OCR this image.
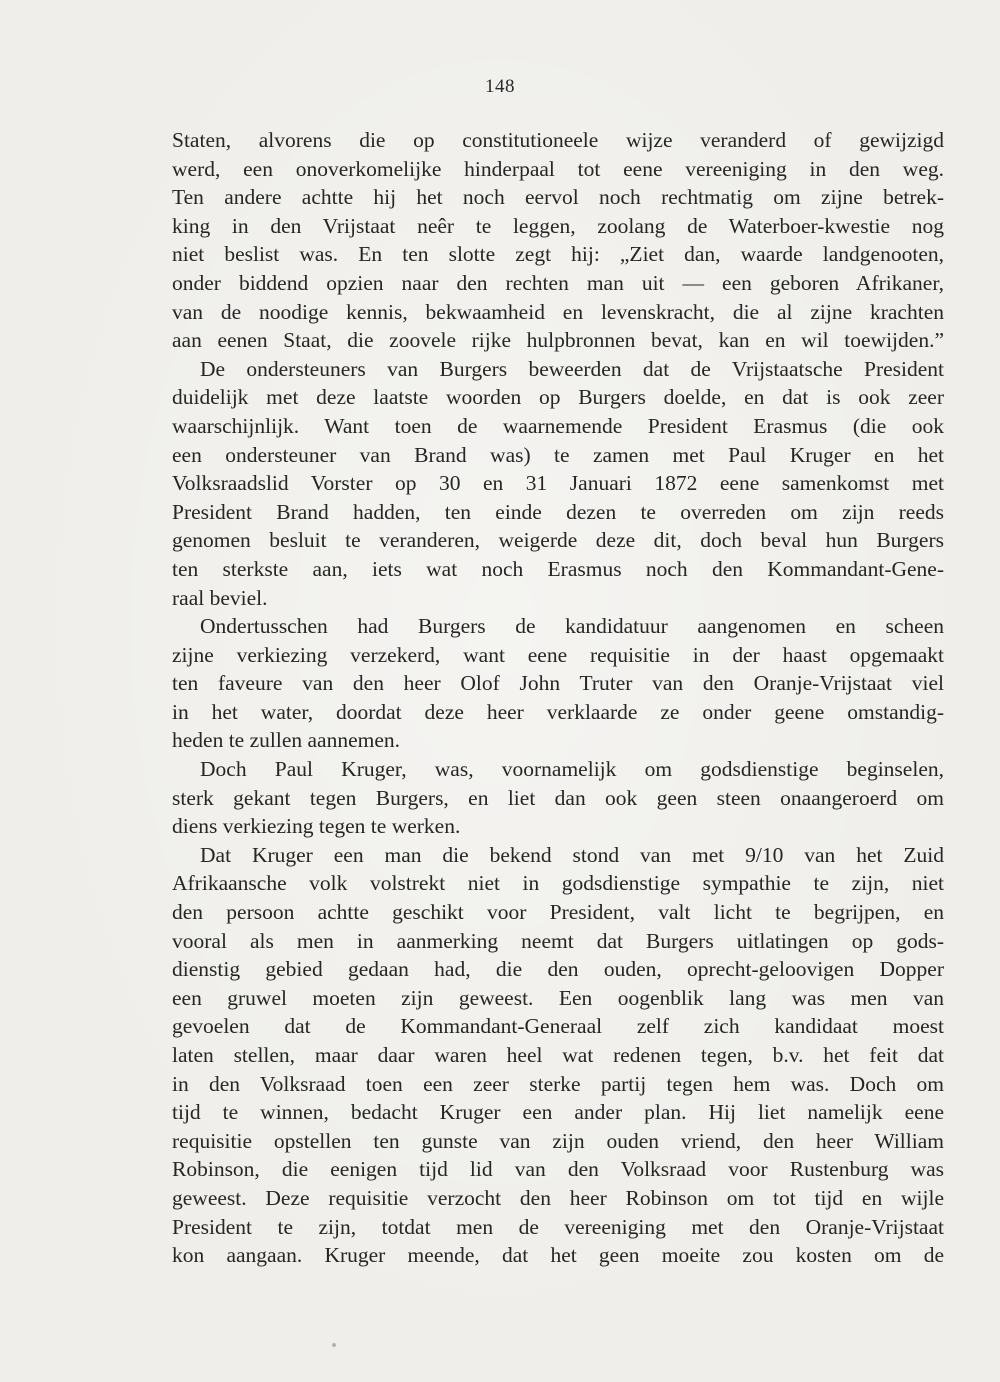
148
Staten, alvorens die op constitutioneele wijze veranderd of gewijzigd
werd, een onoverkomelijke hinderpaal tot eene vereeniging in den weg.
Ten andere achtte hij het noch eervol noch rechtmatig om zijne betrek-
king in den Vrijstaat neêr te leggen, zoolang de Waterboer-kwestie nog
niet beslist was. En ten slotte zegt hij: „Ziet dan, waarde landgenooten,
onder biddend opzien naar den rechten man uit — een geboren Afrikaner,
van de noodige kennis, bekwaamheid en levenskracht, die al zijne krachten
aan eenen Staat, die zoovele rijke hulpbronnen bevat, kan en wil toewijden.”
De ondersteuners van Burgers beweerden dat de Vrijstaatsche President
duidelijk met deze laatste woorden op Burgers doelde, en dat is ook zeer
waarschijnlijk. Want toen de waarnemende President Erasmus (die ook
een ondersteuner van Brand was) te zamen met Paul Kruger en het
Volksraadslid Vorster op 30 en 31 Januari 1872 eene samenkomst met
President Brand hadden, ten einde dezen te overreden om zijn reeds
genomen besluit te veranderen, weigerde deze dit, doch beval hun Burgers
ten sterkste aan, iets wat noch Erasmus noch den Kommandant-Gene-
raal beviel.
Ondertusschen had Burgers de kandidatuur aangenomen en scheen
zijne verkiezing verzekerd, want eene requisitie in der haast opgemaakt
ten faveure van den heer Olof John Truter van den Oranje-Vrijstaat viel
in het water, doordat deze heer verklaarde ze onder geene omstandig-
heden te zullen aannemen.
Doch Paul Kruger, was, voornamelijk om godsdienstige beginselen,
sterk gekant tegen Burgers, en liet dan ook geen steen onaangeroerd om
diens verkiezing tegen te werken.
Dat Kruger een man die bekend stond van met 9/10 van het Zuid
Afrikaansche volk volstrekt niet in godsdienstige sympathie te zijn, niet
den persoon achtte geschikt voor President, valt licht te begrijpen, en
vooral als men in aanmerking neemt dat Burgers uitlatingen op gods-
dienstig gebied gedaan had, die den ouden, oprecht-geloovigen Dopper
een gruwel moeten zijn geweest. Een oogenblik lang was men van
gevoelen dat de Kommandant-Generaal zelf zich kandidaat moest
laten stellen, maar daar waren heel wat redenen tegen, b.v. het feit dat
in den Volksraad toen een zeer sterke partij tegen hem was. Doch om
tijd te winnen, bedacht Kruger een ander plan. Hij liet namelijk eene
requisitie opstellen ten gunste van zijn ouden vriend, den heer William
Robinson, die eenigen tijd lid van den Volksraad voor Rustenburg was
geweest. Deze requisitie verzocht den heer Robinson om tot tijd en wijle
President te zijn, totdat men de vereeniging met den Oranje-Vrijstaat
kon aangaan. Kruger meende, dat het geen moeite zou kosten om de
